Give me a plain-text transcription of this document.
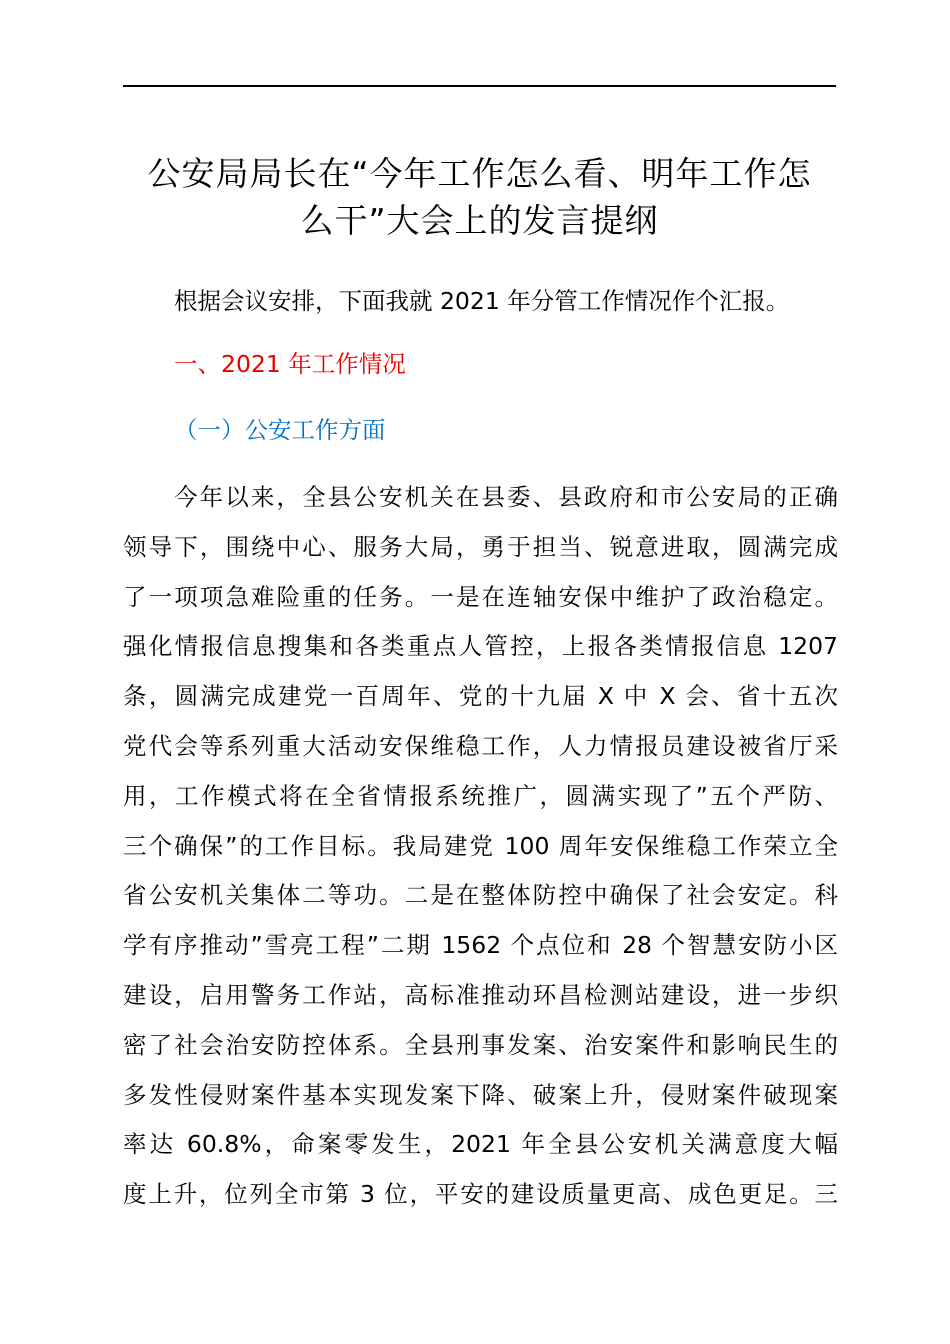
公安局局长在“今年工作怎么看、明年工作怎
么干”大会上的发言提纲

根据会议安排，下面我就 2021 年分管工作情况作个汇报。

一、2021 年工作情况
（一）公安工作方面

今年以来，全县公安机关在县委、县政府和市公安局的正确
领导下，围绕中心、服务大局，勇于担当、锐意进取，圆满完成
了一项项急难险重的任务。一是在连轴安保中维护了政治稳定。
强化情报信息搜集和各类重点人管控，上报各类情报信息 1207
条，圆满完成建党一百周年、党的十九届 X 中 X 会、省十五次
党代会等系列重大活动安保维稳工作，人力情报员建设被省厅采
用，工作模式将在全省情报系统推广，圆满实现了”五个严防、
三个确保”的工作目标。我局建党 100 周年安保维稳工作荣立全
省公安机关集体二等功。二是在整体防控中确保了社会安定。科
学有序推动”雪亮工程”二期 1562 个点位和 28 个智慧安防小区
建设，启用警务工作站，高标准推动环昌检测站建设，进一步织
密了社会治安防控体系。全县刑事发案、治安案件和影响民生的
多发性侵财案件基本实现发案下降、破案上升，侵财案件破现案
率达 60.8%，命案零发生，2021 年全县公安机关满意度大幅
度上升，位列全市第 3 位，平安的建设质量更高、成色更足。三
